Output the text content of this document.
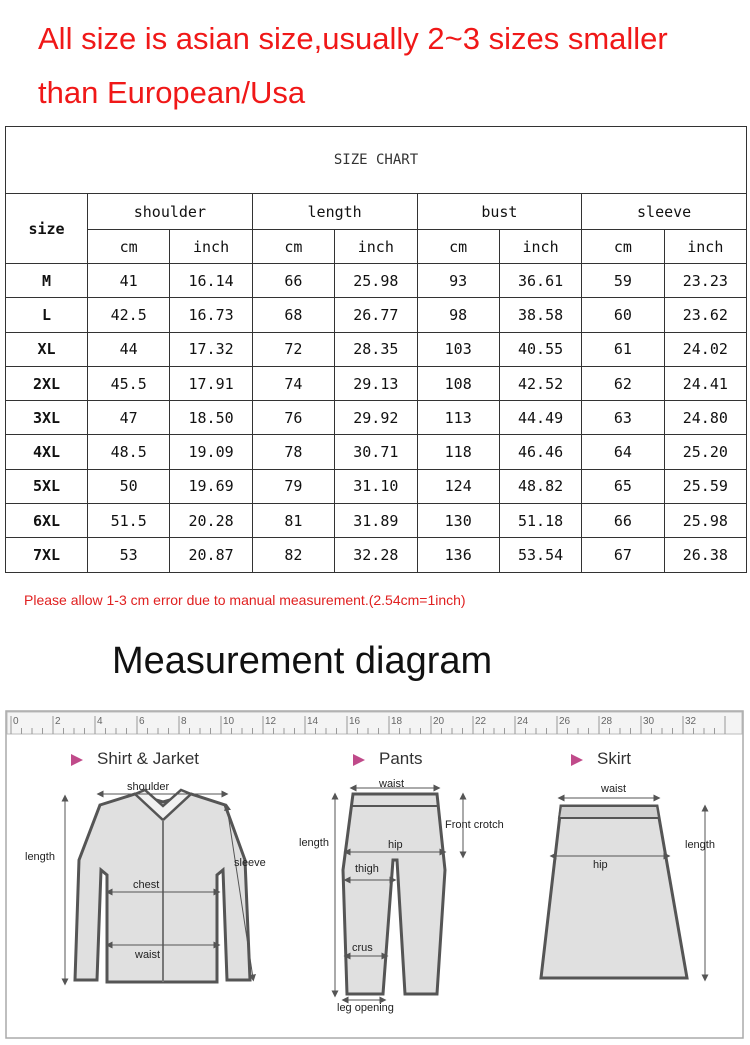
All size is asian size,usually 2~3 sizes smaller
than European/Usa
SIZE CHART								
size	shoulder		length		bust		sleeve	
	cm	inch	cm	inch	cm	inch	cm	inch
M	41	16.14	66	25.98	93	36.61	59	23.23
L	42.5	16.73	68	26.77	98	38.58	60	23.62
XL	44	17.32	72	28.35	103	40.55	61	24.02
2XL	45.5	17.91	74	29.13	108	42.52	62	24.41
3XL	47	18.50	76	29.92	113	44.49	63	24.80
4XL	48.5	19.09	78	30.71	118	46.46	64	25.20
5XL	50	19.69	79	31.10	124	48.82	65	25.59
6XL	51.5	20.28	81	31.89	130	51.18	66	25.98
7XL	53	20.87	82	32.28	136	53.54	67	26.38
Please allow 1-3 cm error due to manual measurement.(2.54cm=1inch)
Measurement diagram
0	2	4	6	8	10	12	14	16	18	20	22	24	26	28	30	32
Shirt & Jarket
shoulder
length	sleeve
chest
waist
Pants
waist
Front crotch
length	hip
thigh
crus
leg opening
Skirt
waist
hip
length
